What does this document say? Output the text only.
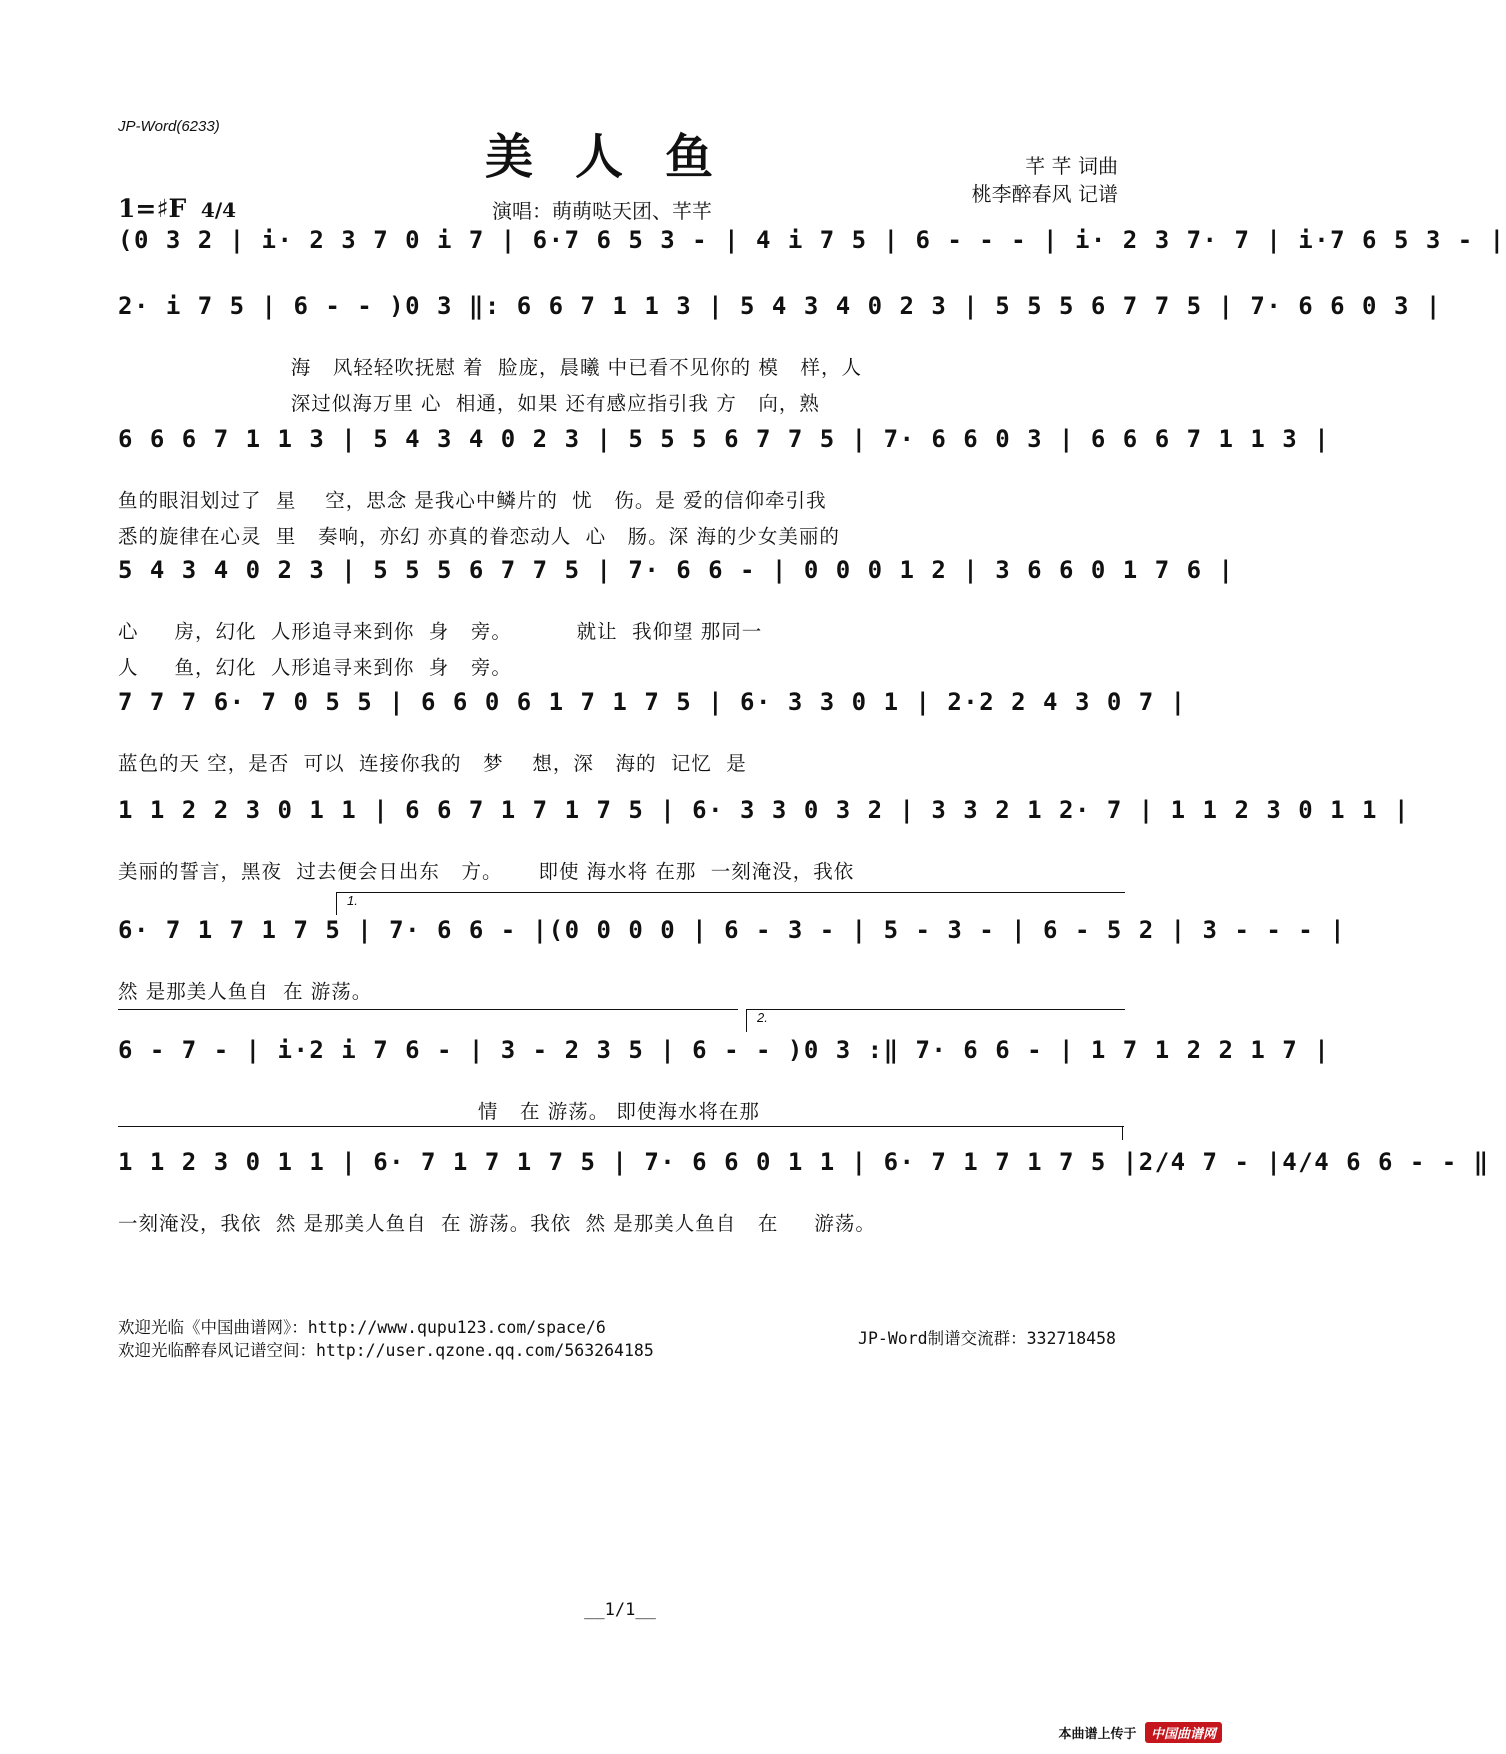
JP-Word(6233)
美人鱼
1=♯F 4/4	演唱：萌萌哒天团、芊芊
芊 芊 词曲
桃李醉春风 记谱
(0 3 2 | i· 2 3 7 0 i 7 | 6·7 6 5 3 - | 4 i 7 5 | 6 - - - | i· 2 3 7· 7 | i·7 6 5 3 - |
2· i 7 5 | 6 - - )0 3 ‖: 6 6 7 1 1 3 | 5 4 3 4 0 2 3 | 5 5 5 6 7 7 5 | 7· 6 6 0 3 |
海   风轻轻吹抚慰 着  脸庞，晨曦 中已看不见你的 模   样，人
深过似海万里 心  相通，如果 还有感应指引我 方   向，熟
6 6 6 7 1 1 3 | 5 4 3 4 0 2 3 | 5 5 5 6 7 7 5 | 7· 6 6 0 3 | 6 6 6 7 1 1 3 |
鱼的眼泪划过了  星    空，思念 是我心中鳞片的  忧   伤。是 爱的信仰牵引我
悉的旋律在心灵  里   奏响，亦幻 亦真的眷恋动人  心   肠。深 海的少女美丽的
5 4 3 4 0 2 3 | 5 5 5 6 7 7 5 | 7· 6 6 - | 0 0 0 1 2 | 3 6 6 0 1 7 6 |
心     房，幻化  人形追寻来到你  身   旁。         就让  我仰望 那同一
人     鱼，幻化  人形追寻来到你  身   旁。
7 7 7 6· 7 0 5 5 | 6 6 0 6 1 7 1 7 5 | 6· 3 3 0 1 | 2·2 2 4 3 0 7 |
蓝色的天 空，是否  可以  连接你我的   梦    想，深   海的  记忆  是
1 1 2 2 3 0 1 1 | 6 6 7 1 7 1 7 5 | 6· 3 3 0 3 2 | 3 3 2 1 2· 7 | 1 1 2 3 0 1 1 |
美丽的誓言，黑夜  过去便会日出东   方。     即使 海水将 在那  一刻淹没，我依
1.
6· 7 1 7 1 7 5 | 7· 6 6 - |(0 0 0 0 | 6 - 3 - | 5 - 3 - | 6 - 5 2 | 3 - - - |
然 是那美人鱼自  在 游荡。
2.
6 - 7 - | i·2 i 7 6 - | 3 - 2 3 5 | 6 - - )0 3 :‖ 7· 6 6 - | 1 7 1 2 2 1 7 |
情   在 游荡。 即使海水将在那
1 1 2 3 0 1 1 | 6· 7 1 7 1 7 5 | 7· 6 6 0 1 1 | 6· 7 1 7 1 7 5 |2/4 7 - |4/4 6 6 - - ‖
一刻淹没，我依  然 是那美人鱼自  在 游荡。我依  然 是那美人鱼自   在     游荡。
欢迎光临《中国曲谱网》：http://www.qupu123.com/space/6
欢迎光临醉春风记谱空间：http://user.qzone.qq.com/563264185
JP-Word制谱交流群：332718458
__1/1__
本曲谱上传于 中国曲谱网
